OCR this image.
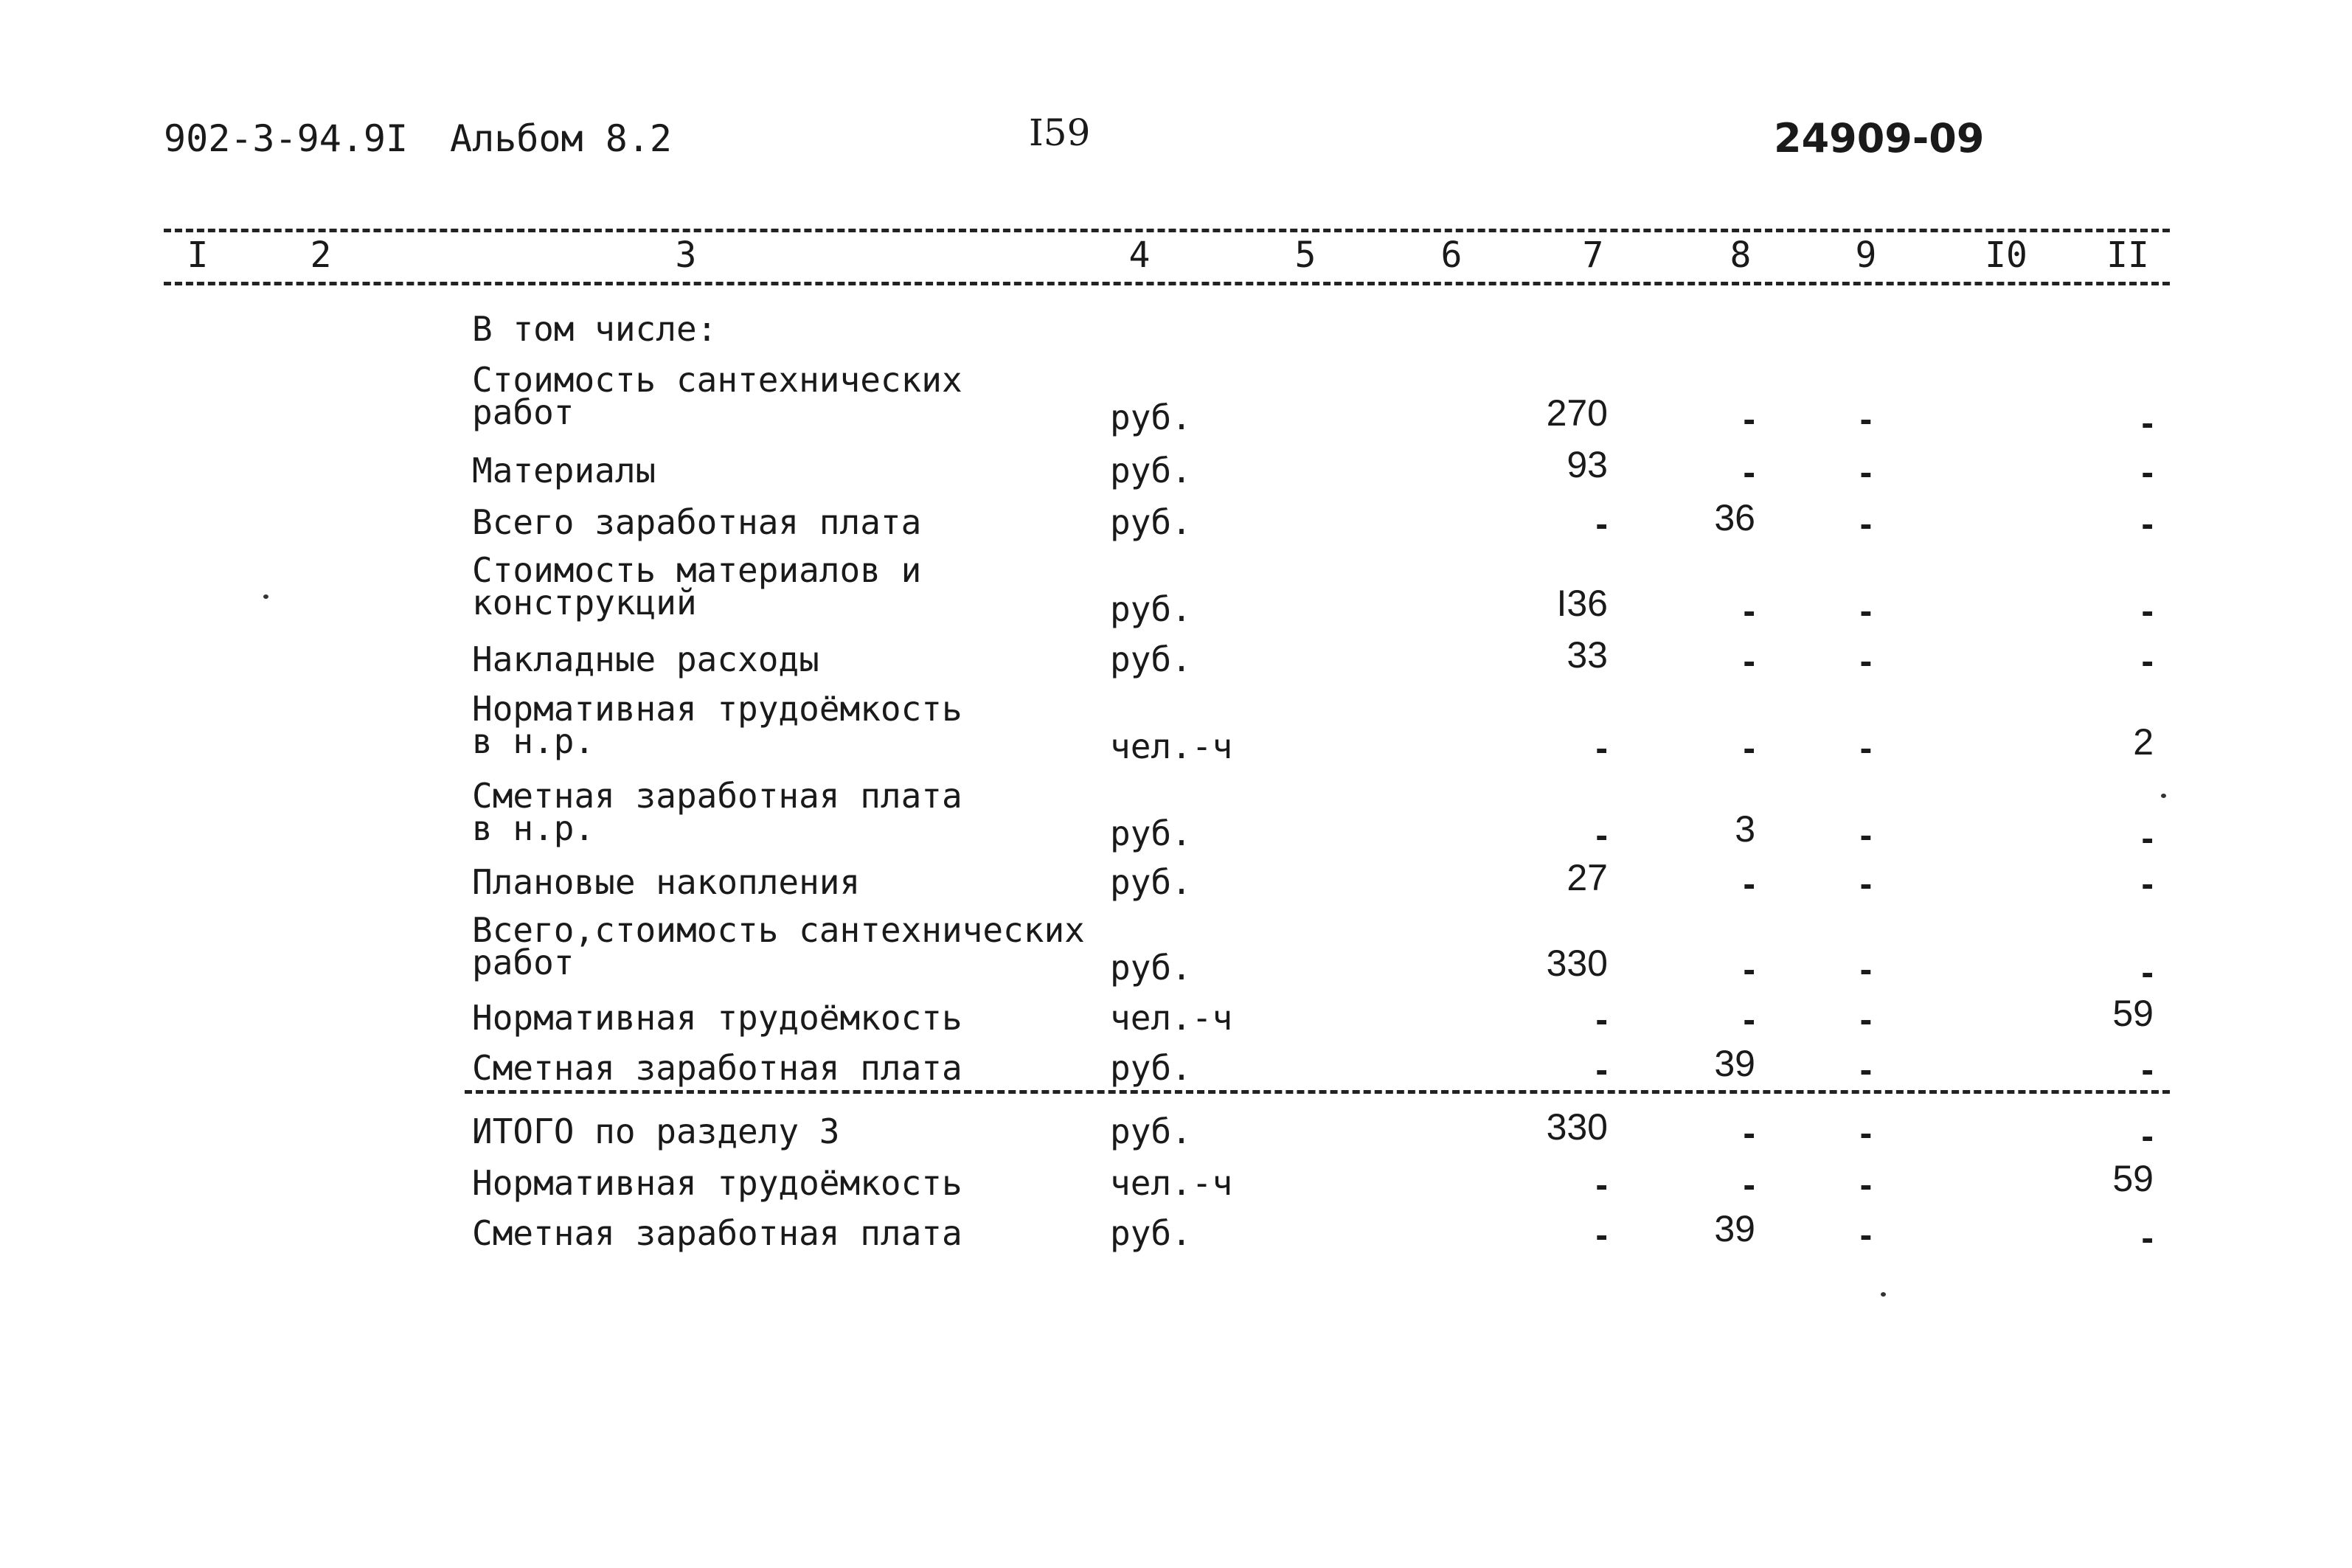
902-3-94.9I Альбом 8.2	I59	24909-09
I	2	3	4	5	6	7	8	9	I0	II
В том числе:
Стоимость сантехнических
работ	руб.	270	-	-	-
Материалы	руб.	93	-	-	-
Всего заработная плата	руб.	-	36	-	-
Стоимость материалов и
конструкций	руб.	I36	-	-	-
Накладные расходы	руб.	33	-	-	-
Нормативная трудоёмкость
в н.р.	чел.-ч	-	-	-	2
Сметная заработная плата
в н.р.	руб.	-	3	-	-
Плановые накопления	руб.	27	-	-	-
Всего,стоимость сантехнических
работ	руб.	330	-	-	-
Нормативная трудоёмкость	чел.-ч	-	-	-	59
Сметная заработная плата	руб.	-	39	-	-
ИТОГО по разделу 3	руб.	330	-	-	-
Нормативная трудоёмкость	чел.-ч	-	-	-	59
Сметная заработная плата	руб.	-	39	-	-
